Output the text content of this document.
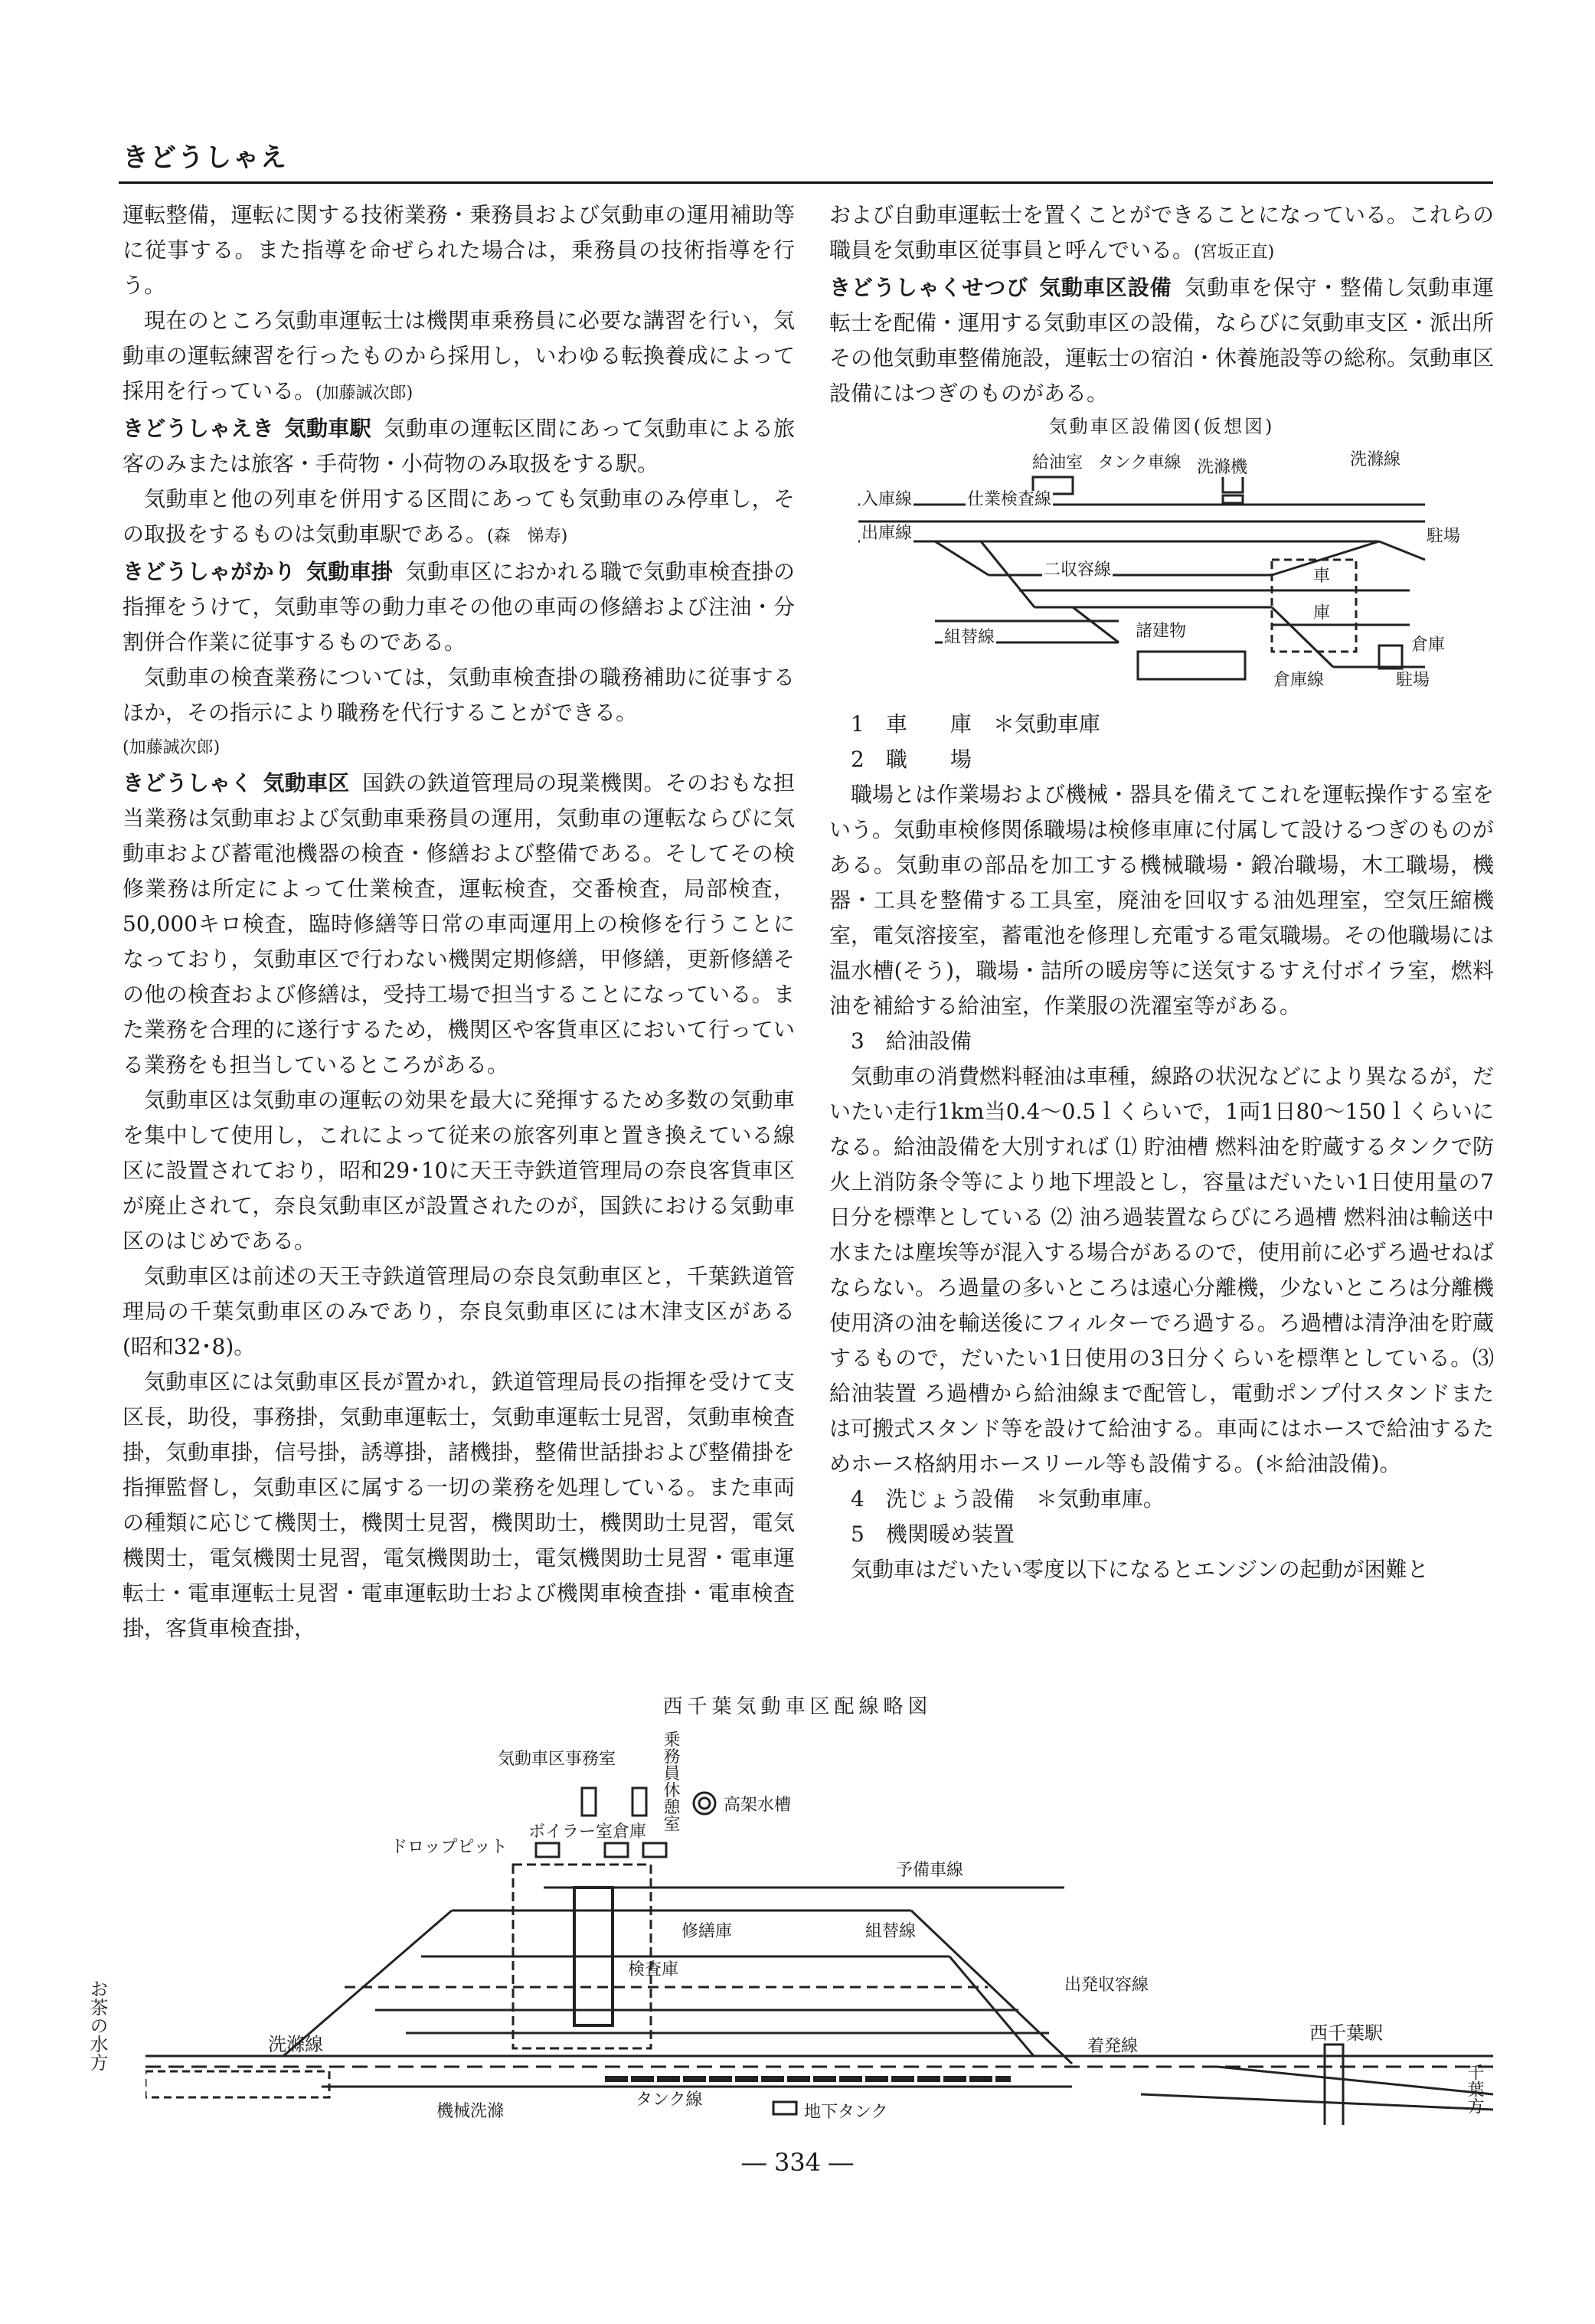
きどうしゃえ

運転整備，運転に関する技術業務・乗務員および気動車の運用補助等に従事する。また指導を命ぜられた場合は，乗務員の技術指導を行う。

現在のところ気動車運転士は機関車乗務員に必要な講習を行い，気動車の運転練習を行ったものから採用し，いわゆる転換養成によって採用を行っている。(加藤誠次郎)

きどうしゃえき 気動車駅 気動車の運転区間にあって気動車による旅客のみまたは旅客・手荷物・小荷物のみ取扱をする駅。

気動車と他の列車を併用する区間にあっても気動車のみ停車し，その取扱をするものは気動車駅である。(森　悌寿)

きどうしゃがかり 気動車掛 気動車区におかれる職で気動車検査掛の指揮をうけて，気動車等の動力車その他の車両の修繕および注油・分割併合作業に従事するものである。

気動車の検査業務については，気動車検査掛の職務補助に従事するほか，その指示により職務を代行することができる。

(加藤誠次郎)

きどうしゃく 気動車区 国鉄の鉄道管理局の現業機関。そのおもな担当業務は気動車および気動車乗務員の運用，気動車の運転ならびに気動車および蓄電池機器の検査・修繕および整備である。そしてその検修業務は所定によって仕業検査，運転検査，交番検査，局部検査，50,000キロ検査，臨時修繕等日常の車両運用上の検修を行うことになっており，気動車区で行わない機関定期修繕，甲修繕，更新修繕その他の検査および修繕は，受持工場で担当することになっている。また業務を合理的に遂行するため，機関区や客貨車区において行っている業務をも担当しているところがある。

気動車区は気動車の運転の効果を最大に発揮するため多数の気動車を集中して使用し，これによって従来の旅客列車と置き換えている線区に設置されており，昭和29･10に天王寺鉄道管理局の奈良客貨車区が廃止されて，奈良気動車区が設置されたのが，国鉄における気動車区のはじめである。

気動車区は前述の天王寺鉄道管理局の奈良気動車区と，千葉鉄道管理局の千葉気動車区のみであり，奈良気動車区には木津支区がある(昭和32･8)。

気動車区には気動車区長が置かれ，鉄道管理局長の指揮を受けて支区長，助役，事務掛，気動車運転士，気動車運転士見習，気動車検査掛，気動車掛，信号掛，誘導掛，諸機掛，整備世話掛および整備掛を指揮監督し，気動車区に属する一切の業務を処理している。また車両の種類に応じて機関士，機関士見習，機関助士，機関助士見習，電気機関士，電気機関士見習，電気機関助士，電気機関助士見習・電車運転士・電車運転士見習・電車運転助士および機関車検査掛・電車検査掛，客貨車検査掛，

および自動車運転士を置くことができることになっている。これらの職員を気動車区従事員と呼んでいる。(宮坂正直)

きどうしゃくせつび 気動車区設備 気動車を保守・整備し気動車運転士を配備・運用する気動車区の設備，ならびに気動車支区・派出所その他気動車整備施設，運転士の宿泊・休養施設等の総称。気動車区設備にはつぎのものがある。

気動車区設備図(仮想図)

1　車　　庫　＊気動車庫

2　職　　場

職場とは作業場および機械・器具を備えてこれを運転操作する室をいう。気動車検修関係職場は検修車庫に付属して設けるつぎのものがある。気動車の部品を加工する機械職場・鍛冶職場，木工職場，機器・工具を整備する工具室，廃油を回収する油処理室，空気圧縮機室，電気溶接室，蓄電池を修理し充電する電気職場。その他職場には温水槽(そう)，職場・詰所の暖房等に送気するすえ付ボイラ室，燃料油を補給する給油室，作業服の洗濯室等がある。

3　給油設備

気動車の消費燃料軽油は車種，線路の状況などにより異なるが，だいたい走行1km当0.4～0.5ｌくらいで，1両1日80～150ｌくらいになる。給油設備を大別すれば ⑴ 貯油槽 燃料油を貯蔵するタンクで防火上消防条令等により地下埋設とし，容量はだいたい1日使用量の7日分を標準としている ⑵ 油ろ過装置ならびにろ過槽 燃料油は輸送中水または塵埃等が混入する場合があるので，使用前に必ずろ過せねばならない。ろ過量の多いところは遠心分離機，少ないところは分離機使用済の油を輸送後にフィルターでろ過する。ろ過槽は清浄油を貯蔵するもので，だいたい1日使用の3日分くらいを標準としている。⑶ 給油装置 ろ過槽から給油線まで配管し，電動ポンプ付スタンドまたは可搬式スタンド等を設けて給油する。車両にはホースで給油するためホース格納用ホースリール等も設備する。(＊給油設備)。

4　洗じょう設備　＊気動車庫。

5　機関暖め装置

気動車はだいたい零度以下になるとエンジンの起動が困難と

西千葉気動車区配線略図
気動車区事務室	乗務員休憩室	高架水槽
ボイラー室 倉庫
ドロップピット
予備車線
修繕庫	組替線
検査庫
出発収容線
お茶の水方	洗滌線	着発線
西千葉駅
千葉方
機械洗滌
タンク線
地下タンク
― 334 ―
給油室 タンク車線 洗滌機	洗滌線
入庫線	仕業検査線
出庫線
二収容線	車
庫
駐場
組替線	諸建物
倉庫
倉庫線	駐場
